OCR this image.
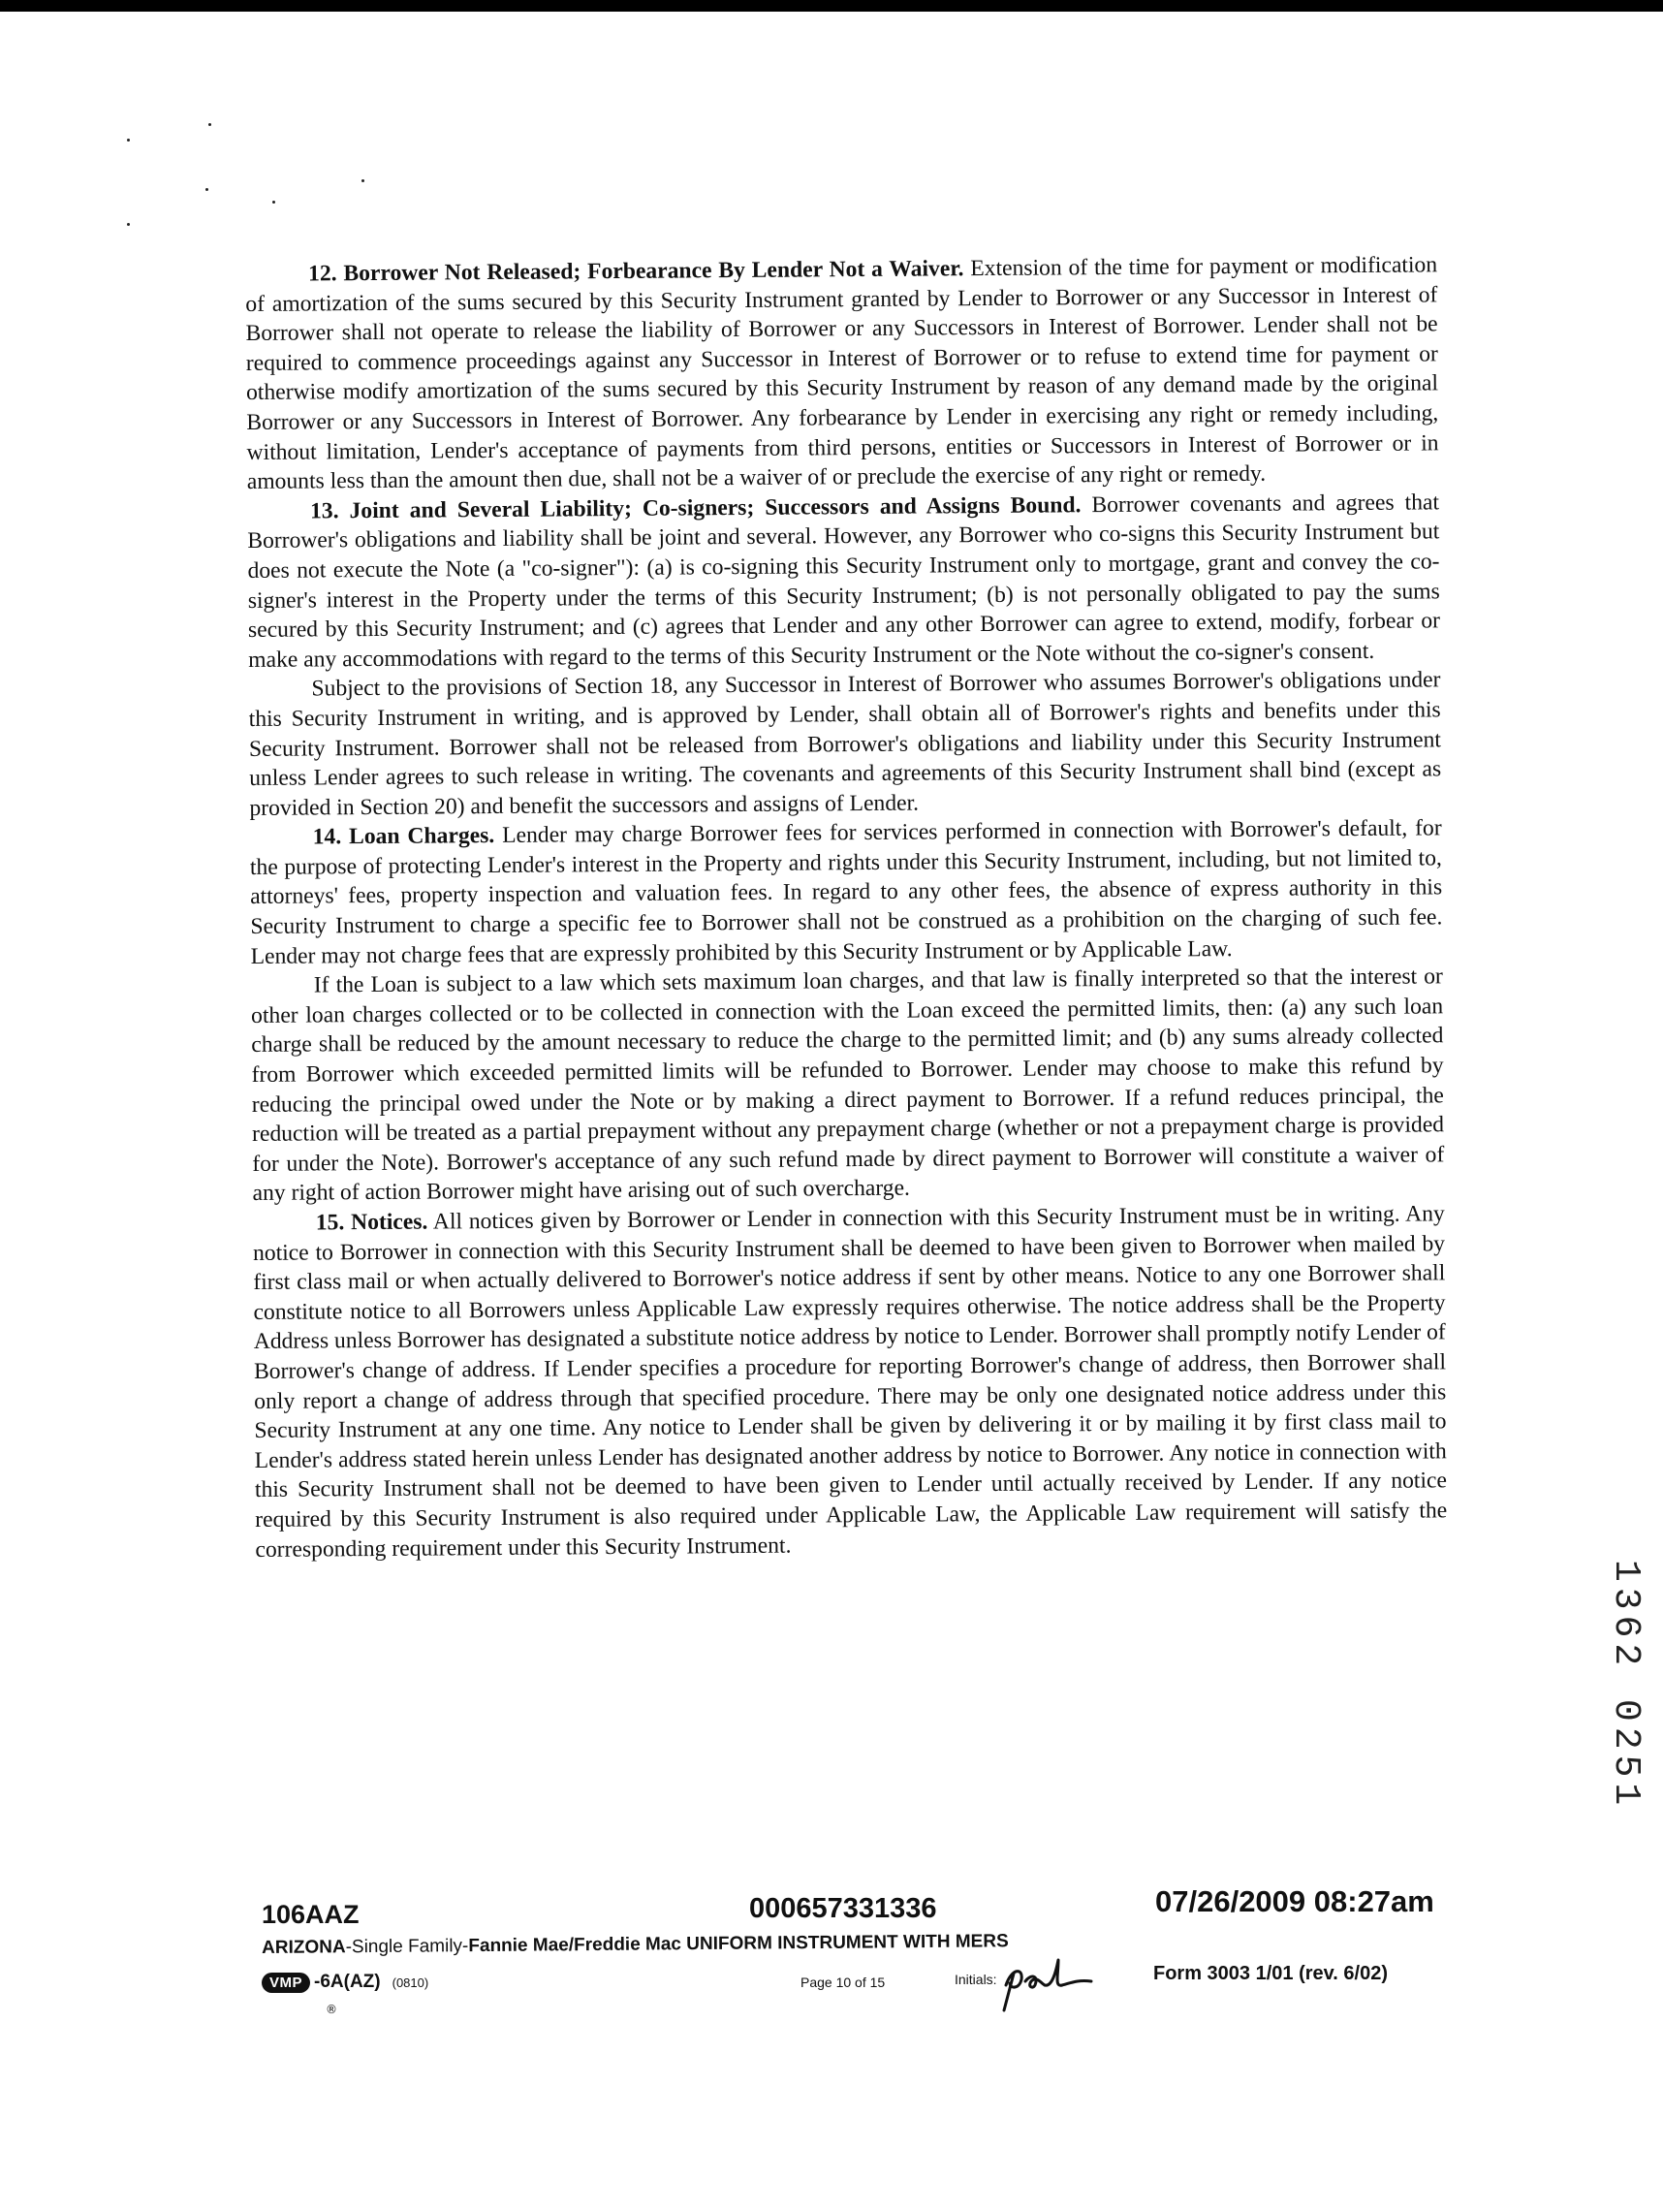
12. Borrower Not Released; Forbearance By Lender Not a Waiver. Extension of the time for payment or modification of amortization of the sums secured by this Security Instrument granted by Lender to Borrower or any Successor in Interest of Borrower shall not operate to release the liability of Borrower or any Successors in Interest of Borrower. Lender shall not be required to commence proceedings against any Successor in Interest of Borrower or to refuse to extend time for payment or otherwise modify amortization of the sums secured by this Security Instrument by reason of any demand made by the original Borrower or any Successors in Interest of Borrower. Any forbearance by Lender in exercising any right or remedy including, without limitation, Lender's acceptance of payments from third persons, entities or Successors in Interest of Borrower or in amounts less than the amount then due, shall not be a waiver of or preclude the exercise of any right or remedy.

13. Joint and Several Liability; Co-signers; Successors and Assigns Bound. Borrower covenants and agrees that Borrower's obligations and liability shall be joint and several. However, any Borrower who co-signs this Security Instrument but does not execute the Note (a "co-signer"): (a) is co-signing this Security Instrument only to mortgage, grant and convey the co-signer's interest in the Property under the terms of this Security Instrument; (b) is not personally obligated to pay the sums secured by this Security Instrument; and (c) agrees that Lender and any other Borrower can agree to extend, modify, forbear or make any accommodations with regard to the terms of this Security Instrument or the Note without the co-signer's consent.

Subject to the provisions of Section 18, any Successor in Interest of Borrower who assumes Borrower's obligations under this Security Instrument in writing, and is approved by Lender, shall obtain all of Borrower's rights and benefits under this Security Instrument. Borrower shall not be released from Borrower's obligations and liability under this Security Instrument unless Lender agrees to such release in writing. The covenants and agreements of this Security Instrument shall bind (except as provided in Section 20) and benefit the successors and assigns of Lender.

14. Loan Charges. Lender may charge Borrower fees for services performed in connection with Borrower's default, for the purpose of protecting Lender's interest in the Property and rights under this Security Instrument, including, but not limited to, attorneys' fees, property inspection and valuation fees. In regard to any other fees, the absence of express authority in this Security Instrument to charge a specific fee to Borrower shall not be construed as a prohibition on the charging of such fee. Lender may not charge fees that are expressly prohibited by this Security Instrument or by Applicable Law.

If the Loan is subject to a law which sets maximum loan charges, and that law is finally interpreted so that the interest or other loan charges collected or to be collected in connection with the Loan exceed the permitted limits, then: (a) any such loan charge shall be reduced by the amount necessary to reduce the charge to the permitted limit; and (b) any sums already collected from Borrower which exceeded permitted limits will be refunded to Borrower. Lender may choose to make this refund by reducing the principal owed under the Note or by making a direct payment to Borrower. If a refund reduces principal, the reduction will be treated as a partial prepayment without any prepayment charge (whether or not a prepayment charge is provided for under the Note). Borrower's acceptance of any such refund made by direct payment to Borrower will constitute a waiver of any right of action Borrower might have arising out of such overcharge.

15. Notices. All notices given by Borrower or Lender in connection with this Security Instrument must be in writing. Any notice to Borrower in connection with this Security Instrument shall be deemed to have been given to Borrower when mailed by first class mail or when actually delivered to Borrower's notice address if sent by other means. Notice to any one Borrower shall constitute notice to all Borrowers unless Applicable Law expressly requires otherwise. The notice address shall be the Property Address unless Borrower has designated a substitute notice address by notice to Lender. Borrower shall promptly notify Lender of Borrower's change of address. If Lender specifies a procedure for reporting Borrower's change of address, then Borrower shall only report a change of address through that specified procedure. There may be only one designated notice address under this Security Instrument at any one time. Any notice to Lender shall be given by delivering it or by mailing it by first class mail to Lender's address stated herein unless Lender has designated another address by notice to Borrower. Any notice in connection with this Security Instrument shall not be deemed to have been given to Lender until actually received by Lender. If any notice required by this Security Instrument is also required under Applicable Law, the Applicable Law requirement will satisfy the corresponding requirement under this Security Instrument.

106AAZ	000657331336	07/26/2009 08:27am
ARIZONA-Single Family-Fannie Mae/Freddie Mac UNIFORM INSTRUMENT WITH MERS
VMP -6A(AZ) (0810)
®
Page 10 of 15	Initials:	Form 3003 1/01 (rev. 6/02)
1362 0251
